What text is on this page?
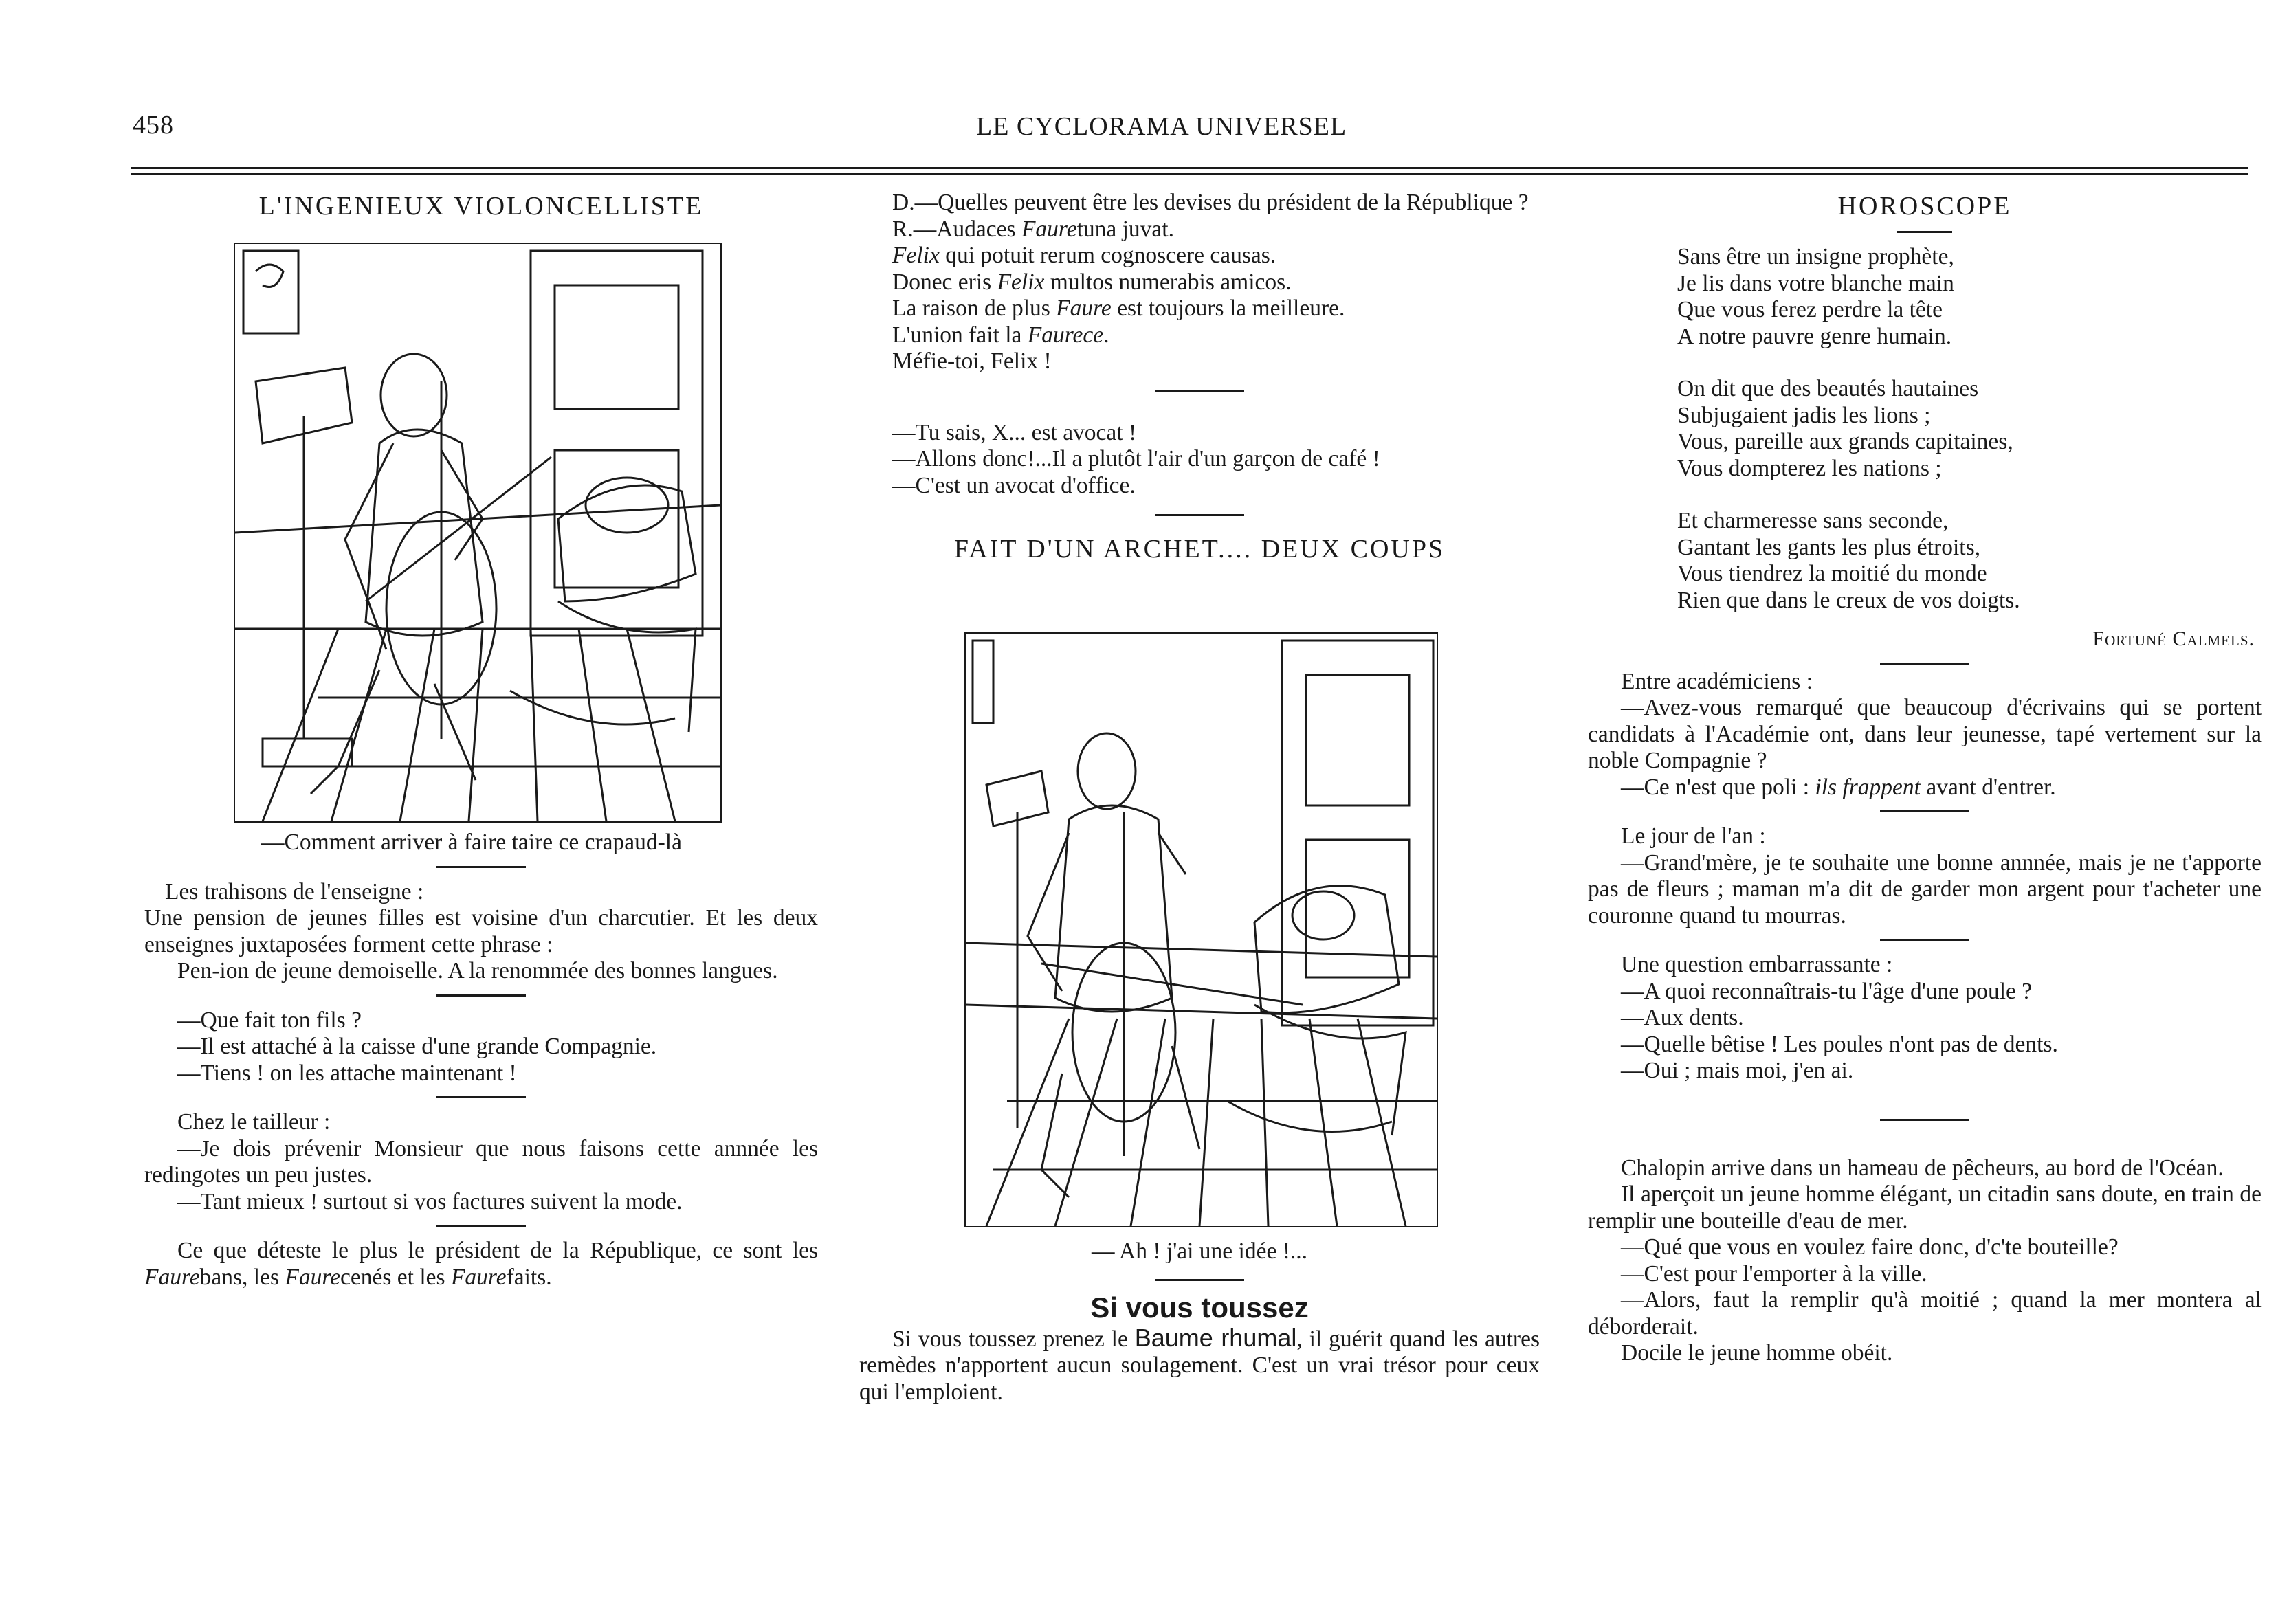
458	LE CYCLORAMA UNIVERSEL
L'INGENIEUX VIOLONCELLISTE

—Comment arriver à faire taire ce crapaud-là

Les trahisons de l'enseigne :

Une pension de jeunes filles est voisine d'un charcutier. Et les deux enseignes juxtaposées forment cette phrase :

Pen-ion de jeune demoiselle. A la renommée des bonnes langues.

—Que fait ton fils ?

—Il est attaché à la caisse d'une grande Compagnie.

—Tiens ! on les attache maintenant !

Chez le tailleur :

—Je dois prévenir Monsieur que nous faisons cette annnée les redingotes un peu justes.

—Tant mieux ! surtout si vos factures suivent la mode.

Ce que déteste le plus le président de la République, ce sont les Faurebans, les Faurecenés et les Faurefaits.

D.—Quelles peuvent être les devises du président de la République ?

R.—Audaces Fauretuna juvat.

Felix qui potuit rerum cognoscere causas.

Donec eris Felix multos numerabis amicos.

La raison de plus Faure est toujours la meilleure.

L'union fait la Faurece.

Méfie-toi, Felix !

—Tu sais, X... est avocat !

—Allons donc!...Il a plutôt l'air d'un garçon de café !

—C'est un avocat d'office.

FAIT D'UN ARCHET.... DEUX COUPS

— Ah ! j'ai une idée !...

Si vous toussez

Si vous toussez prenez le Baume rhumal, il guérit quand les autres remèdes n'apportent aucun soulagement. C'est un vrai trésor pour ceux qui l'emploient.

HOROSCOPE

Sans être un insigne prophète,

Je lis dans votre blanche main

Que vous ferez perdre la tête

A notre pauvre genre humain.

On dit que des beautés hautaines

Subjugaient jadis les lions ;

Vous, pareille aux grands capitaines,

Vous dompterez les nations ;

Et charmeresse sans seconde,

Gantant les gants les plus étroits,

Vous tiendrez la moitié du monde

Rien que dans le creux de vos doigts.

Fortuné Calmels.

Entre académiciens :

—Avez-vous remarqué que beaucoup d'écrivains qui se portent candidats à l'Académie ont, dans leur jeunesse, tapé vertement sur la noble Compagnie ?

—Ce n'est que poli : ils frappent avant d'entrer.

Le jour de l'an :

—Grand'mère, je te souhaite une bonne annnée, mais je ne t'apporte pas de fleurs ; maman m'a dit de garder mon argent pour t'acheter une couronne quand tu mourras.

Une question embarrassante :

—A quoi reconnaîtrais-tu l'âge d'une poule ?

—Aux dents.

—Quelle bêtise ! Les poules n'ont pas de dents.

—Oui ; mais moi, j'en ai.

Chalopin arrive dans un hameau de pêcheurs, au bord de l'Océan.

Il aperçoit un jeune homme élégant, un citadin sans doute, en train de remplir une bouteille d'eau de mer.

—Qué que vous en voulez faire donc, d'c'te bouteille?

—C'est pour l'emporter à la ville.

—Alors, faut la remplir qu'à moitié ; quand la mer montera al déborderait.

Docile le jeune homme obéit.
